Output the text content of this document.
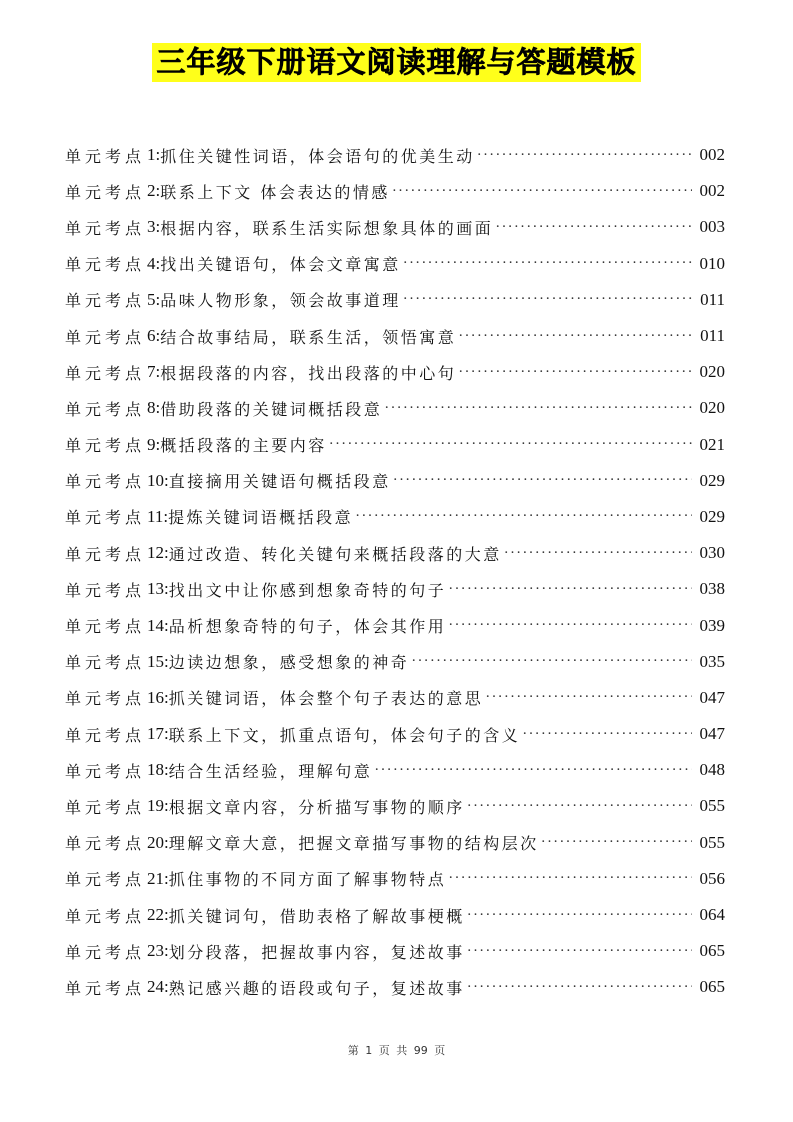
三年级下册语文阅读理解与答题模板
单元考点 1: 抓住关键性词语，体会语句的优美生动 ·····	002
单元考点 2: 联系上下文 体会表达的情感 ·····	002
单元考点 3: 根据内容，联系生活实际想象具体的画面 ·····	003
单元考点 4: 找出关键语句，体会文章寓意 ·····	010
单元考点 5: 品味人物形象，领会故事道理 ·····	011
单元考点 6: 结合故事结局，联系生活，领悟寓意 ·····	011
单元考点 7: 根据段落的内容，找出段落的中心句 ·····	020
单元考点 8: 借助段落的关键词概括段意 ·····	020
单元考点 9: 概括段落的主要内容 ·····	021
单元考点 10: 直接摘用关键语句概括段意 ·····	029
单元考点 11: 提炼关键词语概括段意 ·····	029
单元考点 12: 通过改造、转化关键句来概括段落的大意 ·····	030
单元考点 13: 找出文中让你感到想象奇特的句子 ·····	038
单元考点 14: 品析想象奇特的句子，体会其作用 ·····	039
单元考点 15: 边读边想象，感受想象的神奇 ·····	035
单元考点 16: 抓关键词语，体会整个句子表达的意思 ·····	047
单元考点 17: 联系上下文，抓重点语句，体会句子的含义 ·····	047
单元考点 18: 结合生活经验，理解句意 ·····	048
单元考点 19: 根据文章内容，分析描写事物的顺序 ·····	055
单元考点 20: 理解文章大意，把握文章描写事物的结构层次 ·····	055
单元考点 21: 抓住事物的不同方面了解事物特点 ·····	056
单元考点 22: 抓关键词句，借助表格了解故事梗概 ·····	064
单元考点 23: 划分段落，把握故事内容，复述故事 ·····	065
单元考点 24: 熟记感兴趣的语段或句子，复述故事 ·····	065
第 1 页 共 99 页
